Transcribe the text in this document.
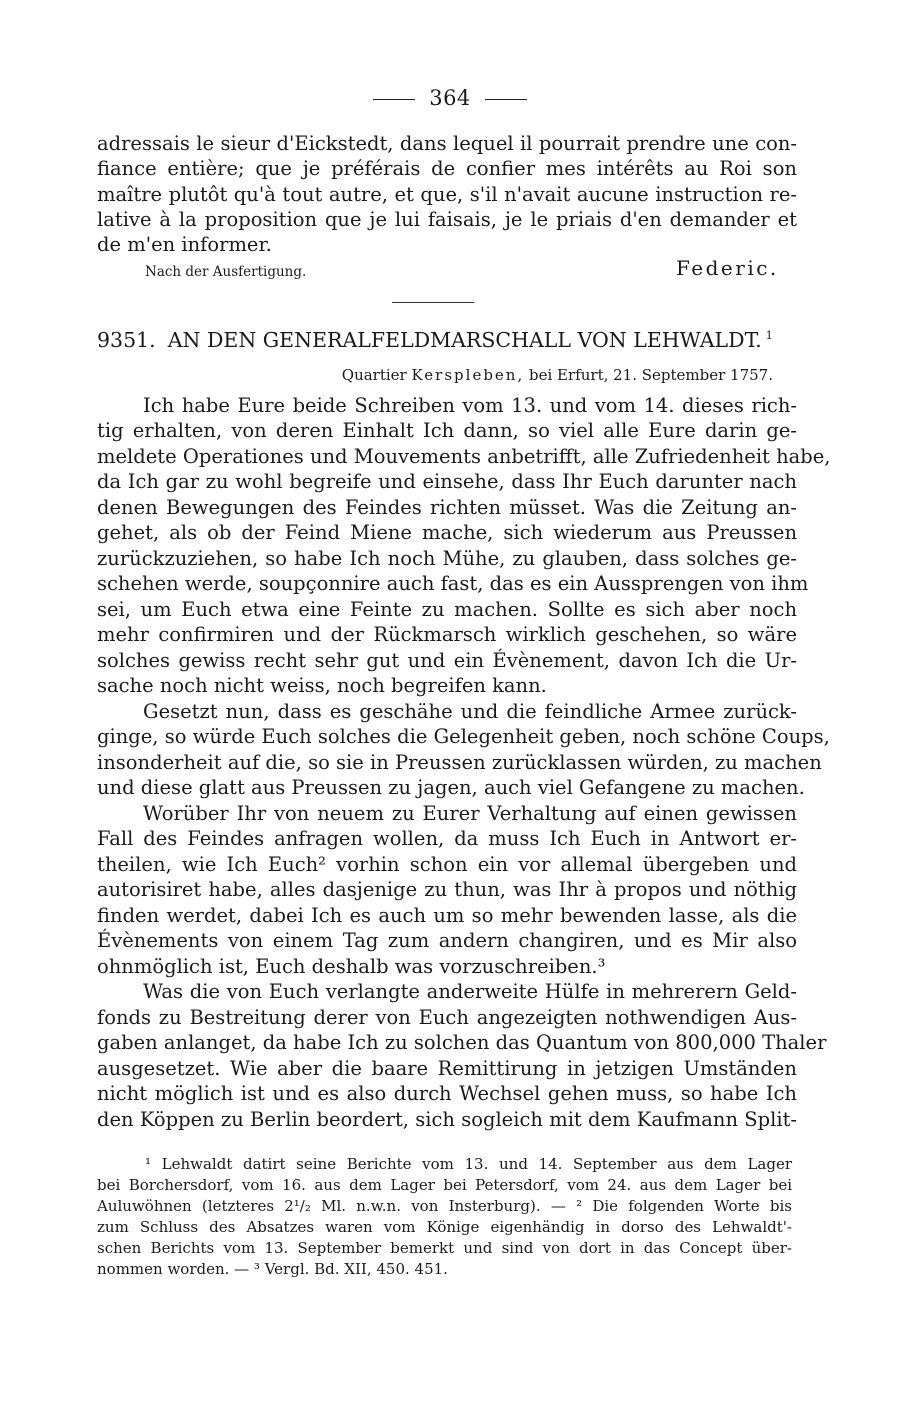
364
adressais le sieur d'Eickstedt, dans lequel il pourrait prendre une con-
fiance entière; que je préférais de confier mes intérêts au Roi son
maître plutôt qu'à tout autre, et que, s'il n'avait aucune instruction re-
lative à la proposition que je lui faisais, je le priais d'en demander et
de m'en informer.
Nach der Ausfertigung.	Federic.
9351. AN DEN GENERALFELDMARSCHALL VON LEHWALDT. $^1$
Quartier Kerspleben, bei Erfurt, 21. September 1757.
Ich habe Eure beide Schreiben vom 13. und vom 14. dieses rich-
tig erhalten, von deren Einhalt Ich dann, so viel alle Eure darin ge-
meldete Operationes und Mouvements anbetrifft, alle Zufriedenheit habe,
da Ich gar zu wohl begreife und einsehe, dass Ihr Euch darunter nach
denen Bewegungen des Feindes richten müsset. Was die Zeitung an-
gehet, als ob der Feind Miene mache, sich wiederum aus Preussen
zurückzuziehen, so habe Ich noch Mühe, zu glauben, dass solches ge-
schehen werde, soupçonnire auch fast, das es ein Aussprengen von ihm
sei, um Euch etwa eine Feinte zu machen. Sollte es sich aber noch
mehr confirmiren und der Rückmarsch wirklich geschehen, so wäre
solches gewiss recht sehr gut und ein Évènement, davon Ich die Ur-
sache noch nicht weiss, noch begreifen kann.
Gesetzt nun, dass es geschähe und die feindliche Armee zurück-
ginge, so würde Euch solches die Gelegenheit geben, noch schöne Coups,
insonderheit auf die, so sie in Preussen zurücklassen würden, zu machen
und diese glatt aus Preussen zu jagen, auch viel Gefangene zu machen.
Worüber Ihr von neuem zu Eurer Verhaltung auf einen gewissen
Fall des Feindes anfragen wollen, da muss Ich Euch in Antwort er-
theilen, wie Ich Euch² vorhin schon ein vor allemal übergeben und
autorisiret habe, alles dasjenige zu thun, was Ihr à propos und nöthig
finden werdet, dabei Ich es auch um so mehr bewenden lasse, als die
Évènements von einem Tag zum andern changiren, und es Mir also
ohnmöglich ist, Euch deshalb was vorzuschreiben.³
Was die von Euch verlangte anderweite Hülfe in mehrerern Geld-
fonds zu Bestreitung derer von Euch angezeigten nothwendigen Aus-
gaben anlanget, da habe Ich zu solchen das Quantum von 800,000 Thaler
ausgesetzet. Wie aber die baare Remittirung in jetzigen Umständen
nicht möglich ist und es also durch Wechsel gehen muss, so habe Ich
den Köppen zu Berlin beordert, sich sogleich mit dem Kaufmann Split-
¹ Lehwaldt datirt seine Berichte vom 13. und 14. September aus dem Lager
bei Borchersdorf, vom 16. aus dem Lager bei Petersdorf, vom 24. aus dem Lager bei
Auluwöhnen (letzteres 2¹/₂ Ml. n.w.n. von Insterburg). — ² Die folgenden Worte bis
zum Schluss des Absatzes waren vom Könige eigenhändig in dorso des Lehwaldt'-
schen Berichts vom 13. September bemerkt und sind von dort in das Concept über-
nommen worden. — ³ Vergl. Bd. XII, 450. 451.
